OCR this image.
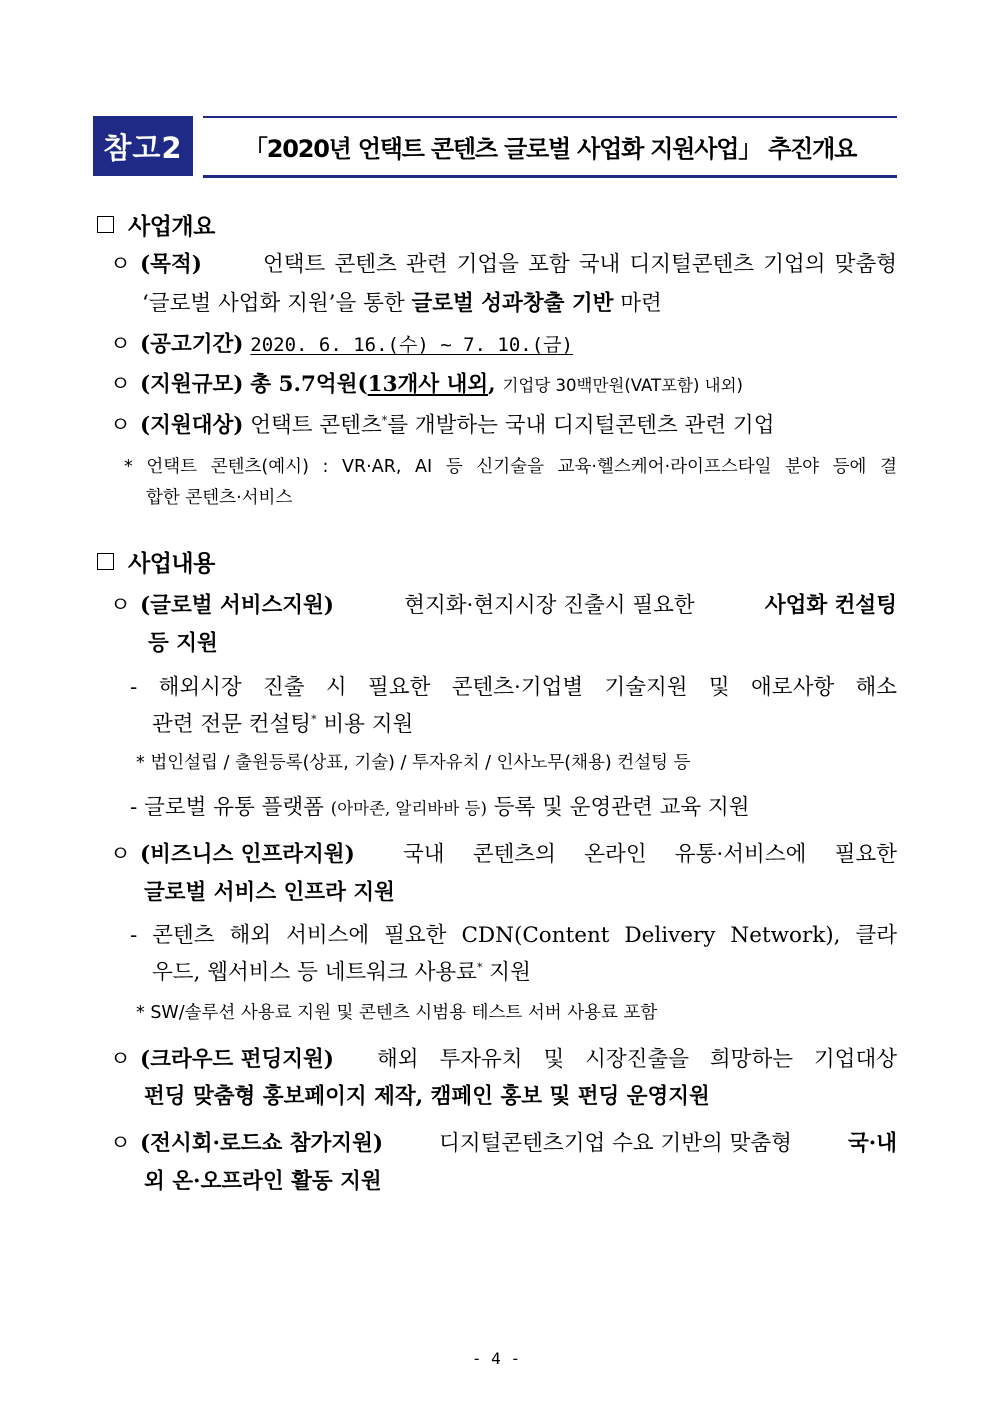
참고2	「2020년 언택트 콘텐츠 글로벌 사업화 지원사업」 추진개요
사업개요
ㅇ (목적)	언택트 콘텐츠 관련 기업을 포함 국내 디지털콘텐츠 기업의 맞춤형
‘글로벌 사업화 지원’을 통한 글로벌 성과창출 기반 마련
ㅇ (공고기간) 2020. 6. 16.(수) ~ 7. 10.(금)
ㅇ (지원규모) 총 5.7억원(13개사 내외, 기업당 30백만원(VAT포함) 내외)
ㅇ (지원대상) 언택트 콘텐츠*를 개발하는 국내 디지털콘텐츠 관련 기업
* 언택트 콘텐츠(예시) : VR·AR, AI 등 신기술을 교육·헬스케어·라이프스타일 분야 등에 결
합한 콘텐츠·서비스
사업내용
ㅇ (글로벌 서비스지원)	현지화·현지시장 진출시 필요한	사업화 컨설팅
등 지원
- 해외시장 진출 시 필요한 콘텐츠·기업별 기술지원 및 애로사항 해소
관련 전문 컨설팅* 비용 지원
* 법인설립 / 출원등록(상표, 기술) / 투자유치 / 인사노무(채용) 컨설팅 등
- 글로벌 유통 플랫폼 (아마존, 알리바바 등) 등록 및 운영관련 교육 지원
ㅇ (비즈니스 인프라지원) 국내 콘텐츠의 온라인 유통·서비스에 필요한
글로벌 서비스 인프라 지원
- 콘텐츠 해외 서비스에 필요한 CDN(Content Delivery Network), 클라
우드, 웹서비스 등 네트워크 사용료* 지원
* SW/솔루션 사용료 지원 및 콘텐츠 시범용 테스트 서버 사용료 포함
ㅇ (크라우드 펀딩지원) 해외 투자유치 및 시장진출을 희망하는 기업대상
펀딩 맞춤형 홍보페이지 제작, 캠페인 홍보 및 펀딩 운영지원
ㅇ (전시회·로드쇼 참가지원)	디지털콘텐츠기업 수요 기반의 맞춤형	국·내
외 온·오프라인 활동 지원
- 4 -
